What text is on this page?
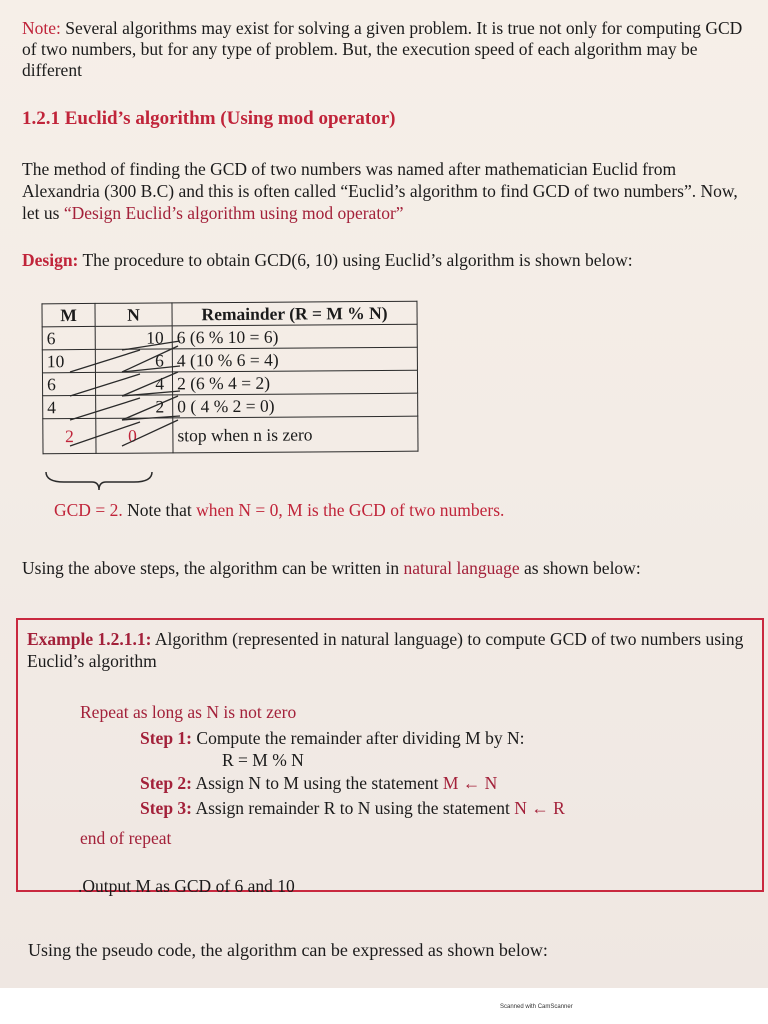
Note: Several algorithms may exist for solving a given problem. It is true not only for computing GCD of two numbers, but for any type of problem. But, the execution speed of each algorithm may be different
1.2.1 Euclid’s algorithm (Using mod operator)
The method of finding the GCD of two numbers was named after mathematician Euclid from Alexandria (300 B.C) and this is often called “Euclid’s algorithm to find GCD of two numbers”. Now, let us “Design Euclid’s algorithm using mod operator”
Design: The procedure to obtain GCD(6, 10) using Euclid’s algorithm is shown below:
M	N	Remainder (R = M % N)
6	10	6 (6 % 10 = 6)
10	6	4 (10 % 6 = 4)
6	4	2 (6 % 4 = 2)
4	2	0 ( 4 % 2 = 0)
2	0	stop when n is zero
GCD = 2. Note that when N = 0, M is the GCD of two numbers.
Using the above steps, the algorithm can be written in natural language as shown below:
Example 1.2.1.1: Algorithm (represented in natural language) to compute GCD of two numbers using Euclid’s algorithm
Repeat as long as N is not zero
Step 1: Compute the remainder after dividing M by N:
R = M % N
Step 2: Assign N to M using the statement M ← N
Step 3: Assign remainder R to N using the statement N ← R
end of repeat
.Output M as GCD of 6 and 10
Using the pseudo code, the algorithm can be expressed as shown below:
Scanned with CamScanner
